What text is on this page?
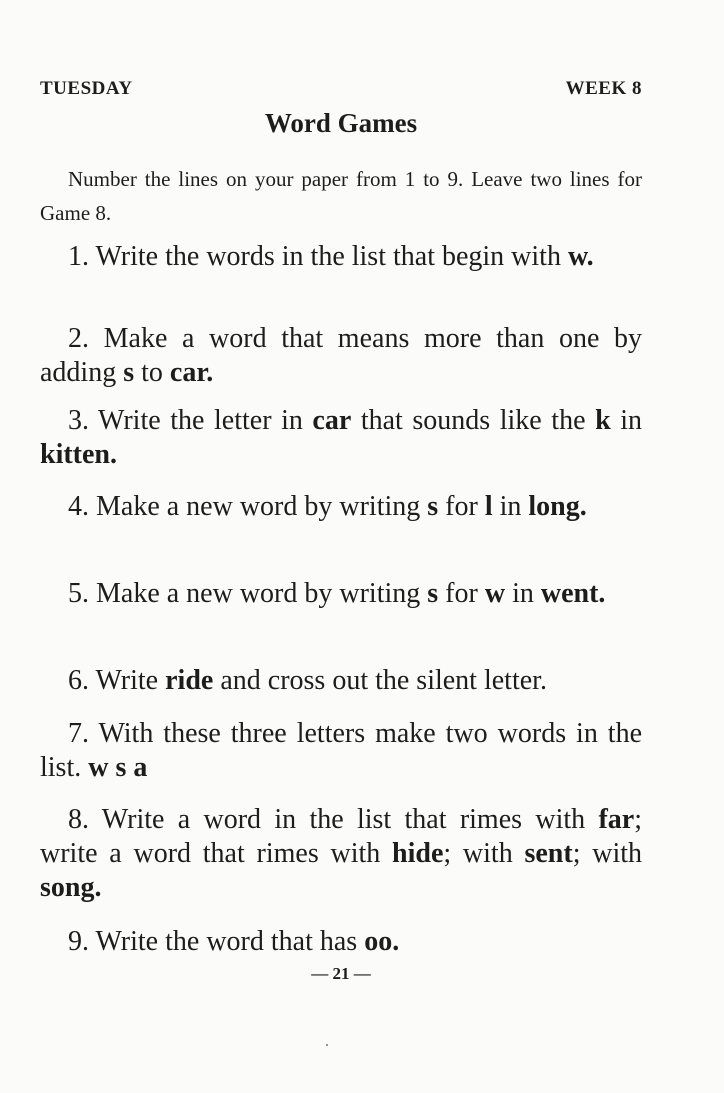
TUESDAY	WEEK 8
Word Games
Number the lines on your paper from 1 to 9. Leave two lines for Game 8.

1. Write the words in the list that begin with w.

2. Make a word that means more than one by adding s to car.

3. Write the letter in car that sounds like the k in kitten.

4. Make a new word by writing s for l in long.

5. Make a new word by writing s for w in went.

6. Write ride and cross out the silent letter.

7. With these three letters make two words in the list. w s a

8. Write a word in the list that rimes with far; write a word that rimes with hide; with sent; with song.

9. Write the word that has oo.

— 21 —
